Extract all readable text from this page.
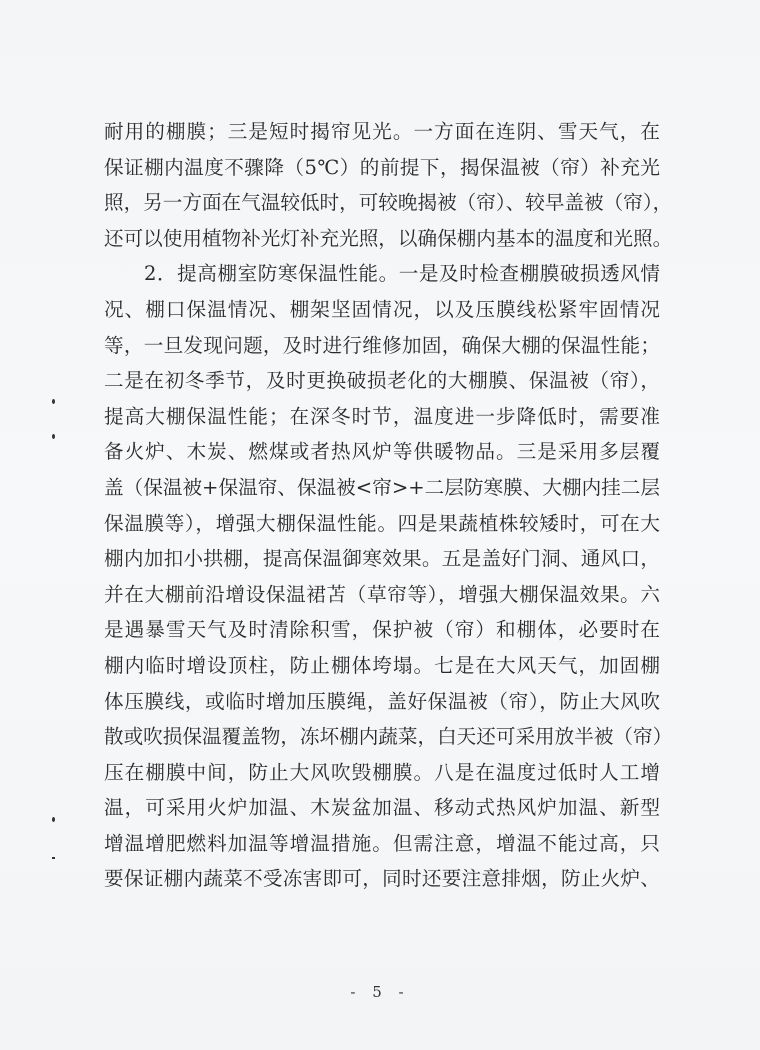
耐用的棚膜；三是短时揭帘见光。一方面在连阴、雪天气，在
保证棚内温度不骤降（5℃）的前提下，揭保温被（帘）补充光
照，另一方面在气温较低时，可较晚揭被（帘）、较早盖被（帘），
还可以使用植物补光灯补充光照，以确保棚内基本的温度和光照。
2．提高棚室防寒保温性能。一是及时检查棚膜破损透风情
况、棚口保温情况、棚架坚固情况，以及压膜线松紧牢固情况
等，一旦发现问题，及时进行维修加固，确保大棚的保温性能；
二是在初冬季节，及时更换破损老化的大棚膜、保温被（帘），
提高大棚保温性能；在深冬时节，温度进一步降低时，需要准
备火炉、木炭、燃煤或者热风炉等供暖物品。三是采用多层覆
盖（保温被+保温帘、保温被<帘>+二层防寒膜、大棚内挂二层
保温膜等），增强大棚保温性能。四是果蔬植株较矮时，可在大
棚内加扣小拱棚，提高保温御寒效果。五是盖好门洞、通风口，
并在大棚前沿增设保温裙苫（草帘等），增强大棚保温效果。六
是遇暴雪天气及时清除积雪，保护被（帘）和棚体，必要时在
棚内临时增设顶柱，防止棚体垮塌。七是在大风天气，加固棚
体压膜线，或临时增加压膜绳，盖好保温被（帘），防止大风吹
散或吹损保温覆盖物，冻坏棚内蔬菜，白天还可采用放半被（帘）
压在棚膜中间，防止大风吹毁棚膜。八是在温度过低时人工增
温，可采用火炉加温、木炭盆加温、移动式热风炉加温、新型
增温增肥燃料加温等增温措施。但需注意，增温不能过高，只
要保证棚内蔬菜不受冻害即可，同时还要注意排烟，防止火炉、
- 5 -
